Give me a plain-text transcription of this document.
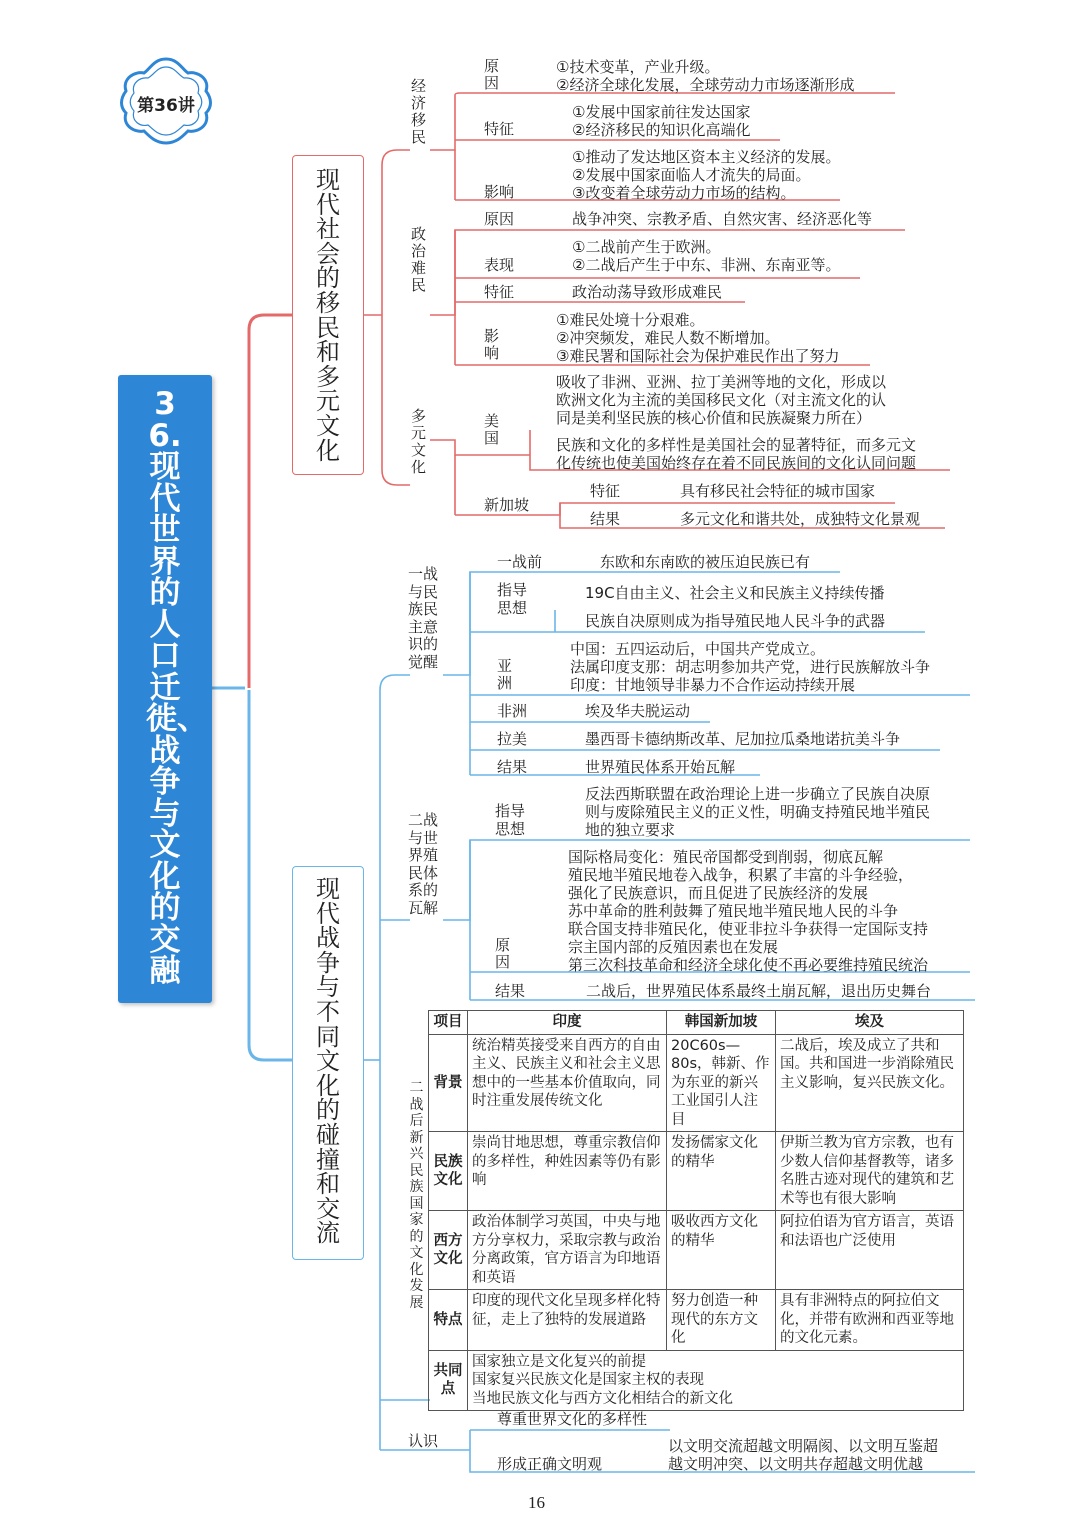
第36讲
36.现代世界的人口迁徙、战争与文化的交融
现代社会的移民和多元文化
现代战争与不同文化的碰撞和交流
经济移民
原因
①技术变革，产业升级。
②经济全球化发展，全球劳动力市场逐渐形成
特征
①发展中国家前往发达国家
②经济移民的知识化高端化
①推动了发达地区资本主义经济的发展。
②发展中国家面临人才流失的局面。
③改变着全球劳动力市场的结构。
影响
政治难民
原因	战争冲突、宗教矛盾、自然灾害、经济恶化等
①二战前产生于欧洲。
②二战后产生于中东、非洲、东南亚等。
表现
特征	政治动荡导致形成难民
影响
①难民处境十分艰难。
②冲突频发，难民人数不断增加。
③难民署和国际社会为保护难民作出了努力
多元文化
美国
吸收了非洲、亚洲、拉丁美洲等地的文化，形成以
欧洲文化为主流的美国移民文化（对主流文化的认
同是美利坚民族的核心价值和民族凝聚力所在）
民族和文化的多样性是美国社会的显著特征，而多元文
化传统也使美国始终存在着不同民族间的文化认同问题
新加坡
特征	具有移民社会特征的城市国家
结果	多元文化和谐共处，成独特文化景观
一战与民族民主意识的觉醒
一战前	东欧和东南欧的被压迫民族已有
指导思想
19C自由主义、社会主义和民族主义持续传播
民族自决原则成为指导殖民地人民斗争的武器
亚洲
中国：五四运动后，中国共产党成立。
法属印度支那：胡志明参加共产党，进行民族解放斗争
印度：甘地领导非暴力不合作运动持续开展
非洲	埃及华夫脱运动
拉美	墨西哥卡德纳斯改革、尼加拉瓜桑地诺抗美斗争
结果	世界殖民体系开始瓦解
二战与世界殖民体系的瓦解
指导思想
反法西斯联盟在政治理论上进一步确立了民族自决原
则与废除殖民主义的正义性，明确支持殖民地半殖民
地的独立要求
国际格局变化：殖民帝国都受到削弱，彻底瓦解
殖民地半殖民地卷入战争，积累了丰富的斗争经验，
强化了民族意识，而且促进了民族经济的发展
苏中革命的胜利鼓舞了殖民地半殖民地人民的斗争
联合国支持非殖民化，使亚非拉斗争获得一定国际支持
宗主国内部的反殖因素也在发展
第三次科技革命和经济全球化使不再必要维持殖民统治
原因
结果	二战后，世界殖民体系最终土崩瓦解，退出历史舞台
二战后新兴民族国家的文化发展
项目	印度	韩国新加坡	埃及
背景	统治精英接受来自西方的自由主义、民族主义和社会主义思想中的一些基本价值取向，同时注重发展传统文化	20C60s—80s，韩新、作为东亚的新兴工业国引人注目	二战后，埃及成立了共和国。共和国进一步消除殖民主义影响，复兴民族文化。
民族文化	崇尚甘地思想，尊重宗教信仰的多样性，种姓因素等仍有影响	发扬儒家文化的精华	伊斯兰教为官方宗教，也有少数人信仰基督教等，诸多名胜古迹对现代的建筑和艺术等也有很大影响
西方文化	政治体制学习英国，中央与地方分享权力，采取宗教与政治分离政策，官方语言为印地语和英语	吸收西方文化的精华	阿拉伯语为官方语言，英语和法语也广泛使用
特点	印度的现代文化呈现多样化特征，走上了独特的发展道路	努力创造一种现代的东方文化	具有非洲特点的阿拉伯文化，并带有欧洲和西亚等地的文化元素。
共同点	国家独立是文化复兴的前提
国家复兴民族文化是国家主权的表现
当地民族文化与西方文化相结合的新文化		
认识
尊重世界文化的多样性
形成正确文明观
以文明交流超越文明隔阂、以文明互鉴超
越文明冲突、以文明共存超越文明优越
16
